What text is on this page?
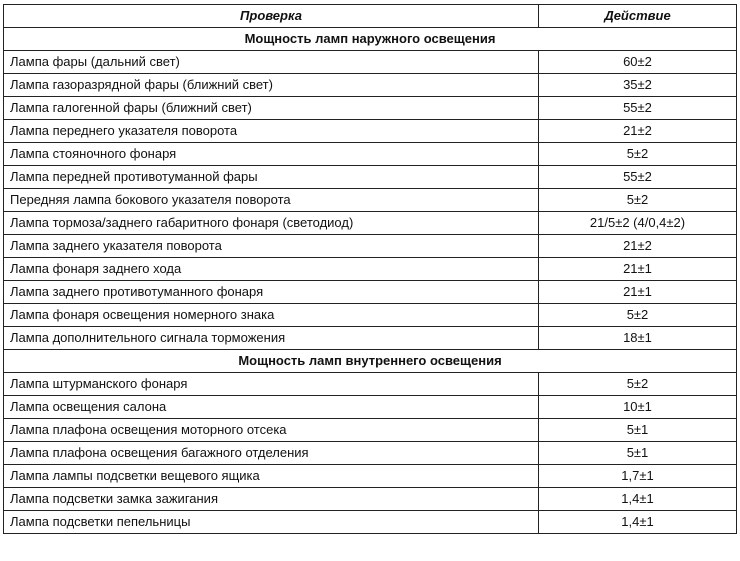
Проверка	Действие
Мощность ламп наружного освещения	
Лампа фары (дальний свет)	60±2
Лампа газоразрядной фары (ближний свет)	35±2
Лампа галогенной фары (ближний свет)	55±2
Лампа переднего указателя поворота	21±2
Лампа стояночного фонаря	5±2
Лампа передней противотуманной фары	55±2
Передняя лампа бокового указателя поворота	5±2
Лампа тормоза/заднего габаритного фонаря (светодиод)	21/5±2 (4/0,4±2)
Лампа заднего указателя поворота	21±2
Лампа фонаря заднего хода	21±1
Лампа заднего противотуманного фонаря	21±1
Лампа фонаря освещения номерного знака	5±2
Лампа дополнительного сигнала торможения	18±1
Мощность ламп внутреннего освещения	
Лампа штурманского фонаря	5±2
Лампа освещения салона	10±1
Лампа плафона освещения моторного отсека	5±1
Лампа плафона освещения багажного отделения	5±1
Лампа лампы подсветки вещевого ящика	1,7±1
Лампа подсветки замка зажигания	1,4±1
Лампа подсветки пепельницы	1,4±1
